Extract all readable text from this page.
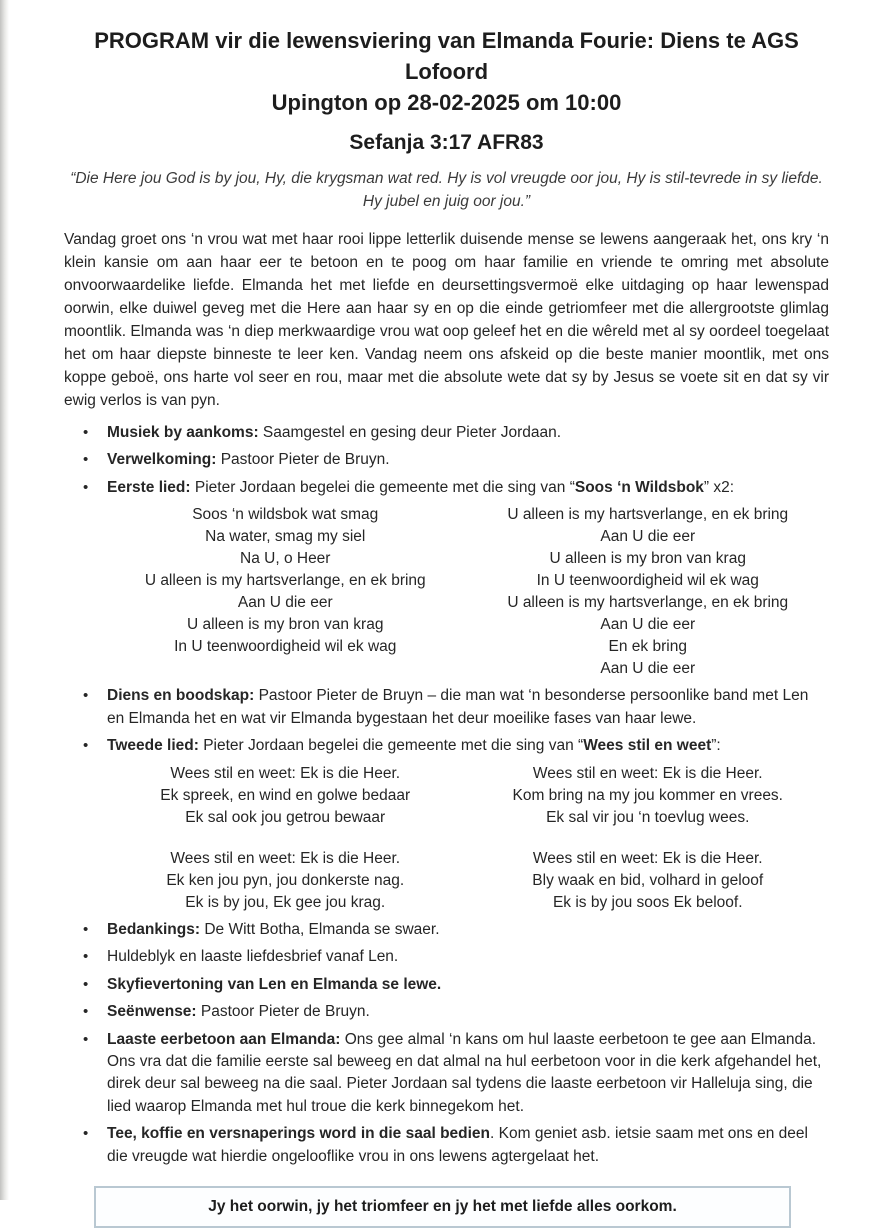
PROGRAM vir die lewensviering van Elmanda Fourie: Diens te AGS Lofoord
Upington op 28-02-2025 om 10:00
Sefanja 3:17 AFR83

“Die Here jou God is by jou, Hy, die krygsman wat red. Hy is vol vreugde oor jou, Hy is stil-tevrede in sy liefde. Hy jubel en juig oor jou.”

Vandag groet ons ‘n vrou wat met haar rooi lippe letterlik duisende mense se lewens aangeraak het, ons kry ‘n klein kansie om aan haar eer te betoon en te poog om haar familie en vriende te omring met absolute onvoorwaardelike liefde. Elmanda het met liefde en deursettingsvermoë elke uitdaging op haar lewenspad oorwin, elke duiwel geveg met die Here aan haar sy en op die einde getriomfeer met die allergrootste glimlag moontlik. Elmanda was ‘n diep merkwaardige vrou wat oop geleef het en die wêreld met al sy oordeel toegelaat het om haar diepste binneste te leer ken. Vandag neem ons afskeid op die beste manier moontlik, met ons koppe geboë, ons harte vol seer en rou, maar met die absolute wete dat sy by Jesus se voete sit en dat sy vir ewig verlos is van pyn.

•	Musiek by aankoms: Saamgestel en gesing deur Pieter Jordaan.
•	Verwelkoming: Pastoor Pieter de Bruyn.
•	Eerste lied: Pieter Jordaan begelei die gemeente met die sing van “Soos ‘n Wildsbok” x2:
Soos ‘n wildsbok wat smag
Na water, smag my siel
Na U, o Heer
U alleen is my hartsverlange, en ek bring
Aan U die eer
U alleen is my bron van krag
In U teenwoordigheid wil ek wag
U alleen is my hartsverlange, en ek bring
Aan U die eer
U alleen is my bron van krag
In U teenwoordigheid wil ek wag
U alleen is my hartsverlange, en ek bring
Aan U die eer
En ek bring
Aan U die eer
•	Diens en boodskap: Pastoor Pieter de Bruyn – die man wat ‘n besonderse persoonlike band met Len en Elmanda het en wat vir Elmanda bygestaan het deur moeilike fases van haar lewe.
•	Tweede lied: Pieter Jordaan begelei die gemeente met die sing van “Wees stil en weet”:
Wees stil en weet: Ek is die Heer.
Ek spreek, en wind en golwe bedaar
Ek sal ook jou getrou bewaar
Wees stil en weet: Ek is die Heer.
Kom bring na my jou kommer en vrees.
Ek sal vir jou ‘n toevlug wees.
Wees stil en weet: Ek is die Heer.
Ek ken jou pyn, jou donkerste nag.
Ek is by jou, Ek gee jou krag.
Wees stil en weet: Ek is die Heer.
Bly waak en bid, volhard in geloof
Ek is by jou soos Ek beloof.
•	Bedankings: De Witt Botha, Elmanda se swaer.
•	Huldeblyk en laaste liefdesbrief vanaf Len.
•	Skyfievertoning van Len en Elmanda se lewe.
•	Seënwense: Pastoor Pieter de Bruyn.
•	Laaste eerbetoon aan Elmanda: Ons gee almal ‘n kans om hul laaste eerbetoon te gee aan Elmanda. Ons vra dat die familie eerste sal beweeg en dat almal na hul eerbetoon voor in die kerk afgehandel het, direk deur sal beweeg na die saal. Pieter Jordaan sal tydens die laaste eerbetoon vir Halleluja sing, die lied waarop Elmanda met hul troue die kerk binnegekom het.
•	Tee, koffie en versnaperings word in die saal bedien. Kom geniet asb. ietsie saam met ons en deel die vreugde wat hierdie ongelooflike vrou in ons lewens agtergelaat het.
Jy het oorwin, jy het triomfeer en jy het met liefde alles oorkom.
